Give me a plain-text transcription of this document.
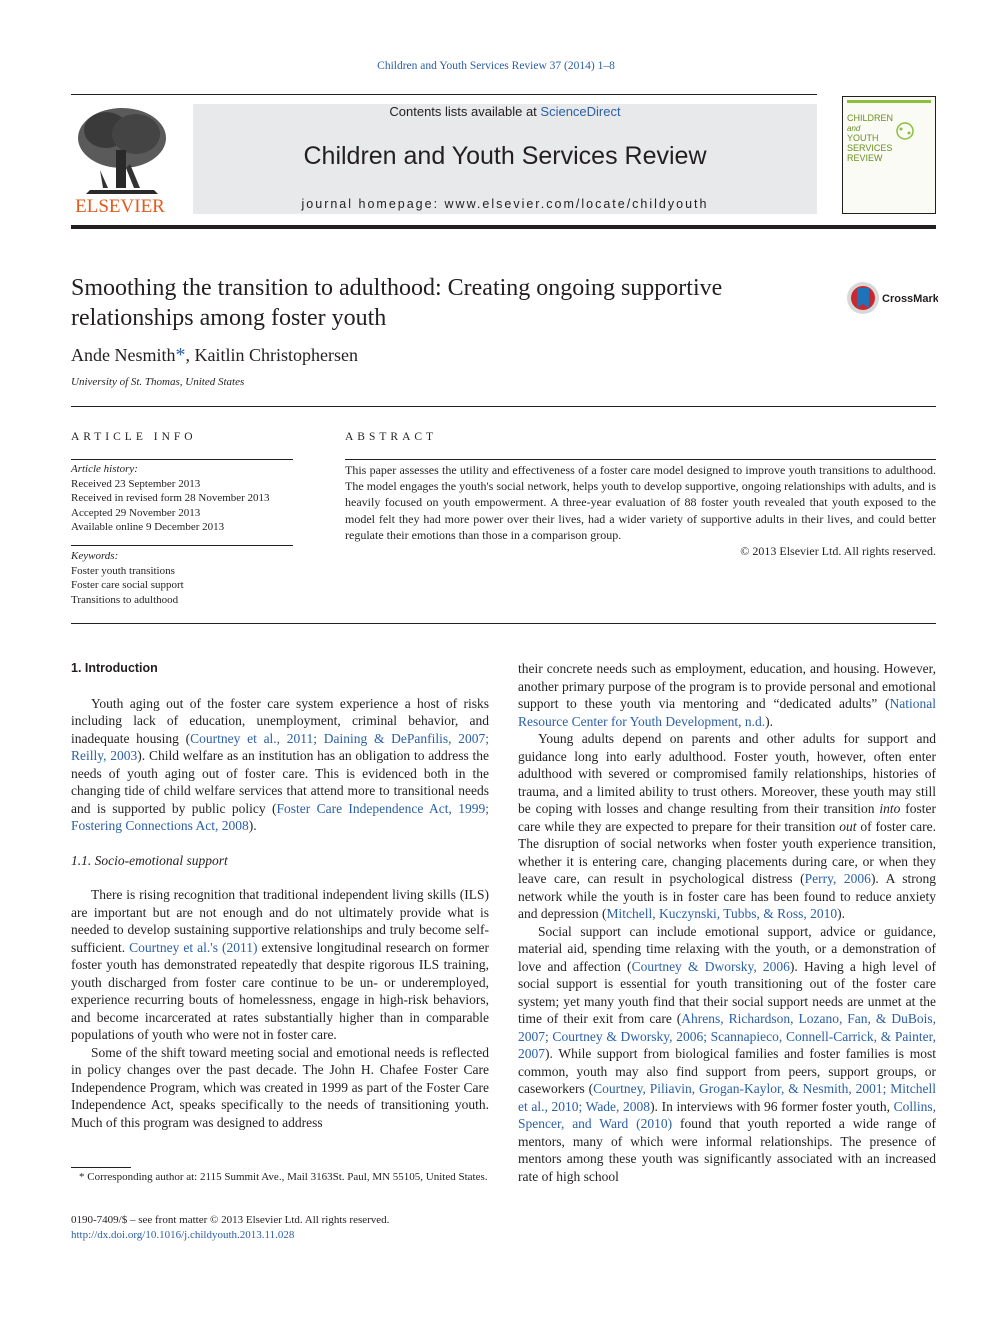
Children and Youth Services Review 37 (2014) 1–8
ELSEVIER
Contents lists available at ScienceDirect
Children and Youth Services Review
journal homepage: www.elsevier.com/locate/childyouth
CHILDREN
and
YOUTH
SERVICES
REVIEW
Smoothing the transition to adulthood: Creating ongoing supportive relationships among foster youth
CrossMark
Ande Nesmith*, Kaitlin Christophersen
University of St. Thomas, United States
ARTICLE INFO
Article history:
Received 23 September 2013
Received in revised form 28 November 2013
Accepted 29 November 2013
Available online 9 December 2013
Keywords:
Foster youth transitions
Foster care social support
Transitions to adulthood
ABSTRACT
This paper assesses the utility and effectiveness of a foster care model designed to improve youth transitions to adulthood. The model engages the youth's social network, helps youth to develop supportive, ongoing relationships with adults, and is heavily focused on youth empowerment. A three-year evaluation of 88 foster youth revealed that youth exposed to the model felt they had more power over their lives, had a wider variety of supportive adults in their lives, and could better regulate their emotions than those in a comparison group.
© 2013 Elsevier Ltd. All rights reserved.
1. Introduction

Youth aging out of the foster care system experience a host of risks including lack of education, unemployment, criminal behavior, and inadequate housing (Courtney et al., 2011; Daining & DePanfilis, 2007; Reilly, 2003). Child welfare as an institution has an obligation to address the needs of youth aging out of foster care. This is evidenced both in the changing tide of child welfare services that attend more to transitional needs and is supported by public policy (Foster Care Independence Act, 1999; Fostering Connections Act, 2008).

1.1. Socio-emotional support

There is rising recognition that traditional independent living skills (ILS) are important but are not enough and do not ultimately provide what is needed to develop sustaining supportive relationships and truly become self-sufficient. Courtney et al.'s (2011) extensive longitudinal research on former foster youth has demonstrated repeatedly that despite rigorous ILS training, youth discharged from foster care continue to be un- or underemployed, experience recurring bouts of homelessness, engage in high-risk behaviors, and become incarcerated at rates substantially higher than in comparable populations of youth who were not in foster care.

Some of the shift toward meeting social and emotional needs is reflected in policy changes over the past decade. The John H. Chafee Foster Care Independence Program, which was created in 1999 as part of the Foster Care Independence Act, speaks specifically to the needs of transitioning youth. Much of this program was designed to address

their concrete needs such as employment, education, and housing. However, another primary purpose of the program is to provide personal and emotional support to these youth via mentoring and “dedicated adults” (National Resource Center for Youth Development, n.d.).

Young adults depend on parents and other adults for support and guidance long into early adulthood. Foster youth, however, often enter adulthood with severed or compromised family relationships, histories of trauma, and a limited ability to trust others. Moreover, these youth may still be coping with losses and change resulting from their transition into foster care while they are expected to prepare for their transition out of foster care. The disruption of social networks when foster youth experience transition, whether it is entering care, changing placements during care, or when they leave care, can result in psychological distress (Perry, 2006). A strong network while the youth is in foster care has been found to reduce anxiety and depression (Mitchell, Kuczynski, Tubbs, & Ross, 2010).

Social support can include emotional support, advice or guidance, material aid, spending time relaxing with the youth, or a demonstration of love and affection (Courtney & Dworsky, 2006). Having a high level of social support is essential for youth transitioning out of the foster care system; yet many youth find that their social support needs are unmet at the time of their exit from care (Ahrens, Richardson, Lozano, Fan, & DuBois, 2007; Courtney & Dworsky, 2006; Scannapieco, Connell-Carrick, & Painter, 2007). While support from biological families and foster families is most common, youth may also find support from peers, support groups, or caseworkers (Courtney, Piliavin, Grogan-Kaylor, & Nesmith, 2001; Mitchell et al., 2010; Wade, 2008). In interviews with 96 former foster youth, Collins, Spencer, and Ward (2010) found that youth reported a wide range of mentors, many of which were informal relationships. The presence of mentors among these youth was significantly associated with an increased rate of high school

* Corresponding author at: 2115 Summit Ave., Mail 3163St. Paul, MN 55105, United States.
0190-7409/$ – see front matter © 2013 Elsevier Ltd. All rights reserved.
http://dx.doi.org/10.1016/j.childyouth.2013.11.028
